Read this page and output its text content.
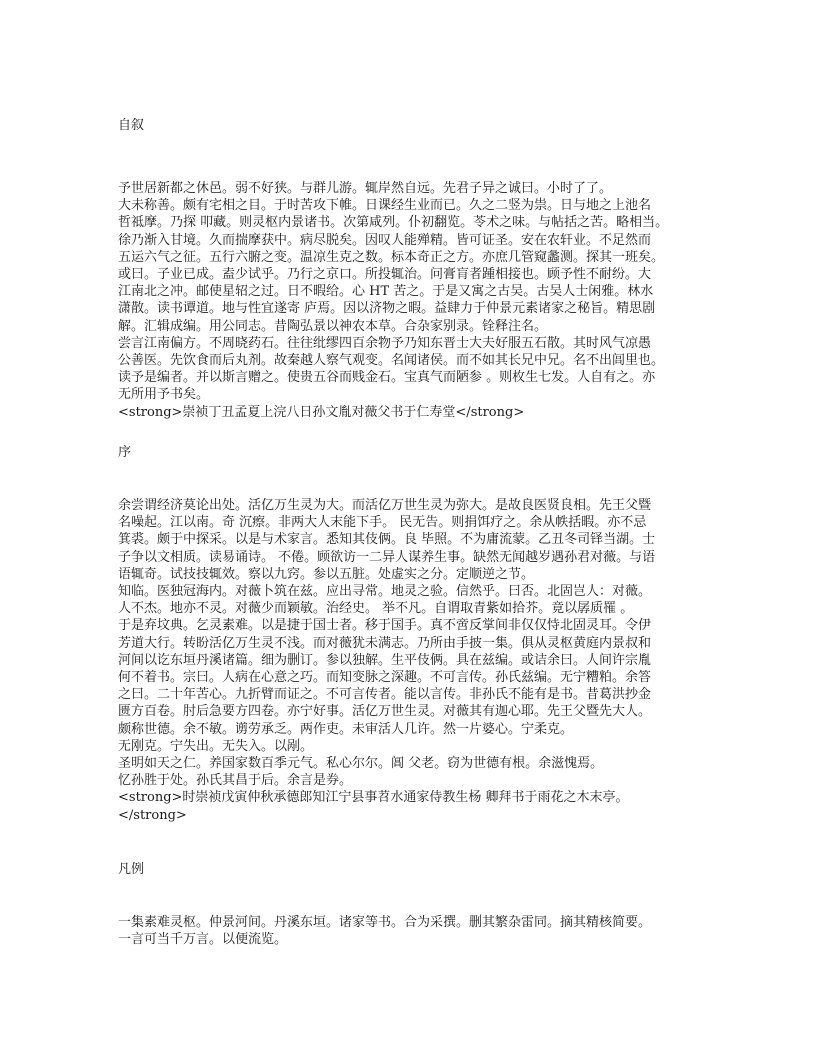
自叙
予世居新都之休邑。弱不好狭。与群儿游。辄岸然自远。先君子异之诚曰。小时了了。
大未称善。颇有宅相之目。于时苦攻下帷。日课经生业而已。久之二竖为祟。日与地之上池名
哲祗摩。乃探 叩藏。则灵枢内景诸书。次第咸列。仆初翻览。苓术之味。与帖括之苦。略相当。
徐乃渐入甘境。久而揣摩获中。病尽脱矣。因叹人能殚精。皆可证圣。安在农轩业。不足然而
五运六气之征。五行六腑之变。温凉生克之数。标本奇正之方。亦庶几管窥蠡测。探其一班矣。
或曰。子业已成。盍少试乎。乃行之京口。所投辄治。问膏肓者踵相接也。顾予性不耐纷。大
江南北之冲。邮使星轺之过。日不暇给。心 HT 苦之。于是又寓之古吴。古吴人士闲雅。林水
潇散。读书谭道。地与性宜遂寄 庐焉。因以济物之暇。益肆力于仲景元素诸家之秘旨。精思剧
解。汇辑成编。用公同志。昔陶弘景以神农本草。合杂家别录。铨释注名。
尝言江南偏方。不周晓药石。往往纰缪四百余物予乃知东晋士大夫好服五石散。其时风气凉愚
公善医。先饮食而后丸剂。故秦越人察气观变。名闻诸侯。而不如其长兄中兄。名不出闾里也。
读予是编者。并以斯言赠之。使贵五谷而贱金石。宝真气而陋参 。则枚生七发。人自有之。亦
无所用予书矣。
<strong>崇祯丁丑孟夏上浣八日孙文胤对薇父书于仁寿堂</strong>
序
余尝谓经济莫论出处。活亿万生灵为大。而活亿万世生灵为弥大。是故良医贤良相。先王父暨
名噪起。江以南。奇 沉瘵。非两大人末能下手。 民无告。则捐饵疗之。余从帙括暇。亦不忌
箕裘。颇于中探采。以是与术家言。悉知其伎俩。良 毕照。不为庸流蒙。乙丑冬司铎当湖。士
子争以文相质。读易诵诗。 不倦。顾欲访一二异人谋养生事。缺然无闻越岁遇孙君对薇。与语
语辄奇。试技技辄效。察以九窍。参以五脏。处虚实之分。定顺逆之节。
知临。医独冠海内。对薇卜筑在兹。应出寻常。地灵之验。信然乎。曰否。北固岂人：对薇。
人不杰。地亦不灵。对薇少而颖敏。治经史。 举不凡。自谓取青紫如拾芥。竟以孱质罹 。
于是弃坟典。乞灵素难。以是捷于国士者。移于国手。真不啻反掌间非仅仅恃北固灵耳。令伊
芳道大行。转盼活亿万生灵不浅。而对薇犹未满志。乃所由手披一集。俱从灵枢黄庭内景叔和
河间以讫东垣丹溪诸篇。细为删订。参以独解。生平伎俩。具在兹编。或诘余曰。人间许宗胤
何不着书。宗曰。人病在心意之巧。而知变脉之深趣。不可言传。孙氏兹编。无宁糟粕。余答
之曰。二十年苦心。九折臂而证之。不可言传者。能以言传。非孙氏不能有是书。昔葛洪抄金
匮方百卷。肘后急要方四卷。亦宁好事。活亿万世生灵。对薇其有迦心耶。先王父暨先大人。
颇称世德。余不敏。谫劳承乏。两作吏。未审活人几许。然一片婆心。宁柔克。
无刚克。宁失出。无失入。以剐。
圣明如天之仁。养国家数百季元气。私心尔尔。阊 父老。窃为世德有根。余滋愧焉。
忆孙胜于处。孙氏其昌于后。余言是券。
<strong>时崇祯戊寅仲秋承德郎知江宁县事苕水通家侍教生杨 卿拜书于雨花之木末亭。
</strong>
凡例
一集素难灵枢。仲景河间。丹溪东垣。诸家等书。合为采撰。删其繁杂雷同。摘其精核简要。
一言可当千万言。以便流览。
